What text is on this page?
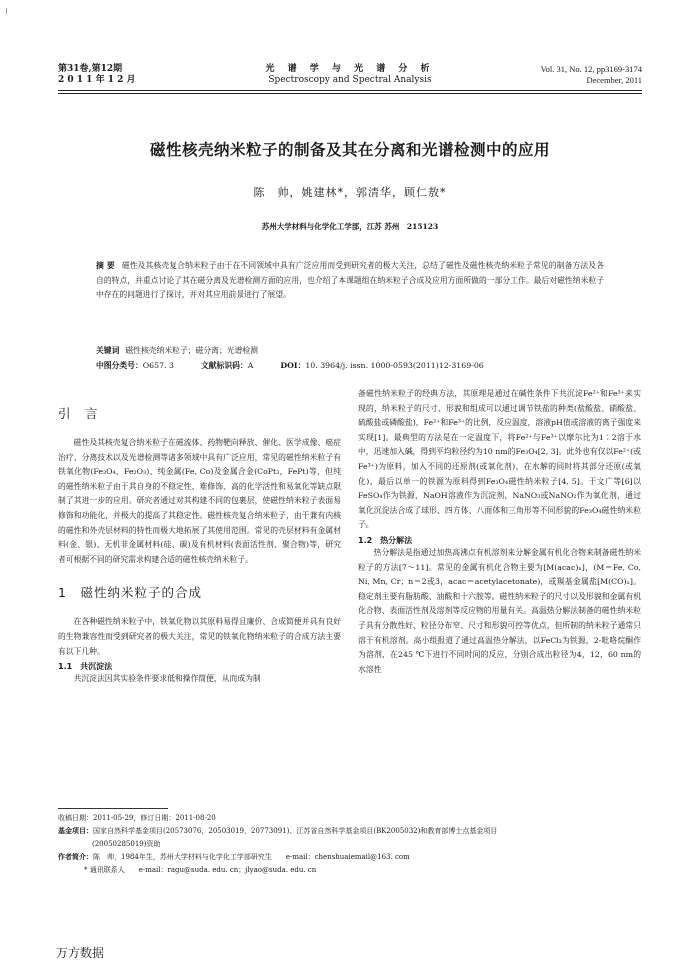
第31卷,第12期
2 0 1 1 年 1 2 月
光 谱 学 与 光 谱 分 析
Spectroscopy and Spectral Analysis
Vol. 31, No. 12, pp3169-3174
December, 2011
磁性核壳纳米粒子的制备及其在分离和光谱检测中的应用
陈　帅，姚建林*，郭清华，顾仁敖*
苏州大学材料与化学化工学部，江苏 苏州　215123
摘要 磁性及其核壳复合纳米粒子由于在不同领域中具有广泛应用而受到研究者的极大关注，总结了磁性及磁性核壳纳米粒子常见的制备方法及各自的特点，并重点讨论了其在磁分离及光谱检测方面的应用，也介绍了本课题组在纳米粒子合成及应用方面所做的一部分工作。最后对磁性纳米粒子中存在的问题进行了探讨，并对其应用前景进行了展望。
关键词 磁性核壳纳米粒子；磁分离；光谱检测
中图分类号：O657. 3	文献标识码：A	DOI：10. 3964/j. issn. 1000-0593(2011)12-3169-06
引　言
磁性及其核壳复合纳米粒子在磁流体、药物靶向释放、催化、医学成像、癌症治疗、分离技术以及光谱检测等诸多领域中具有广泛应用，常见的磁性纳米粒子有铁氧化物(Fe₃O₄，Fe₂O₃)、纯金属(Fe, Co)及金属合金(CoPt₃，FePt)等，但纯的磁性纳米粒子由于其自身的不稳定性、难修饰、高的化学活性和易氧化等缺点限制了其进一步的应用。研究者通过对其构建不同的包裹层，使磁性纳米粒子表面易修饰和功能化，并极大的提高了其稳定性。磁性核壳复合纳米粒子，由于兼有内核的磁性和外壳层材料的特性而极大地拓展了其使用范围。常见的壳层材料有金属材料(金、银)、无机非金属材料(硅、碳)及有机材料(表面活性剂、聚合物)等，研究者可根据不同的研究需求构建合适的磁性核壳纳米粒子。
1　磁性纳米粒子的合成
在各种磁性纳米粒子中，铁氧化物以其原料易得且廉价、合成简便并具有良好的生物兼容性而受到研究者的极大关注，常见的铁氧化物纳米粒子的合成方法主要有以下几种。
1.1　共沉淀法
共沉淀法因其实验条件要求低和操作简便，从而成为制
备磁性纳米粒子的经典方法，其原理是通过在碱性条件下共沉淀Fe²⁺和Fe³⁺来实现的，纳米粒子的尺寸、形貌和组成可以通过调节铁盐的种类(盐酸盐、硝酸盐、硫酸盐或磷酸盐)，Fe²⁺和Fe³⁺的比例，反应温度，溶液pH值或溶液的离子强度来实现[1]。最典型的方法是在一定温度下，将Fe²⁺与Fe³⁺以摩尔比为1∶2溶于水中，迅速加入碱，得到平均粒径约为10 nm的Fe₃O₄[2, 3]。此外也有仅以Fe²⁺(或Fe³⁺)为原料，加入不同的还原剂(或氧化剂)，在水解的同时将其部分还原(或氧化)，最后以单一的铁源为原料得到Fe₃O₄磁性纳米粒子[4, 5]。于文广等[6]以FeSO₄作为铁源，NaOH溶液作为沉淀剂，NaNO₃或NaNO₂作为氧化剂，通过氧化沉淀法合成了球形、四方体、八面体和三角形等不同形貌的Fe₃O₄磁性纳米粒子。
1.2　热分解法
热分解法是指通过加热高沸点有机溶剂来分解金属有机化合物来制备磁性纳米粒子的方法[7～11]。常见的金属有机化合物主要为[M(acac)ₙ]，(M＝Fe, Co, Ni, Mn, Cr；n＝2或3，acac＝acetylacetonate)，或羰基金属盐[M(CO)ₓ]。稳定剂主要有脂肪酸、油酸和十六胺等。磁性纳米粒子的尺寸以及形貌和金属有机化合物、表面活性剂及溶剂等反应物的用量有关。高温热分解法制备的磁性纳米粒子具有分散性好、粒径分布窄、尺寸和形貌可控等优点，但所制的纳米粒子通常只溶于有机溶剂。高小组报道了通过高温热分解法，以FeCl₃为铁源，2-吡咯烷酮作为溶剂，在245 ℃下进行不同时间的反应，分别合成出粒径为4，12，60 nm的水溶性
收稿日期：2011-05-29，修订日期：2011-08-20
基金项目：国家自然科学基金项目(20573076，20503019，20773091)、江苏省自然科学基金项目(BK2005032)和教育部博士点基金项目
(20050285019)资助
作者简介：陈　帅，1984年生，苏州大学材料与化学化工学部研究生　　e-mail：chenshuaiemail@163. com
* 通讯联系人　　e-mail：ragu@suda. edu. cn；jlyao@suda. edu. cn
万方数据
